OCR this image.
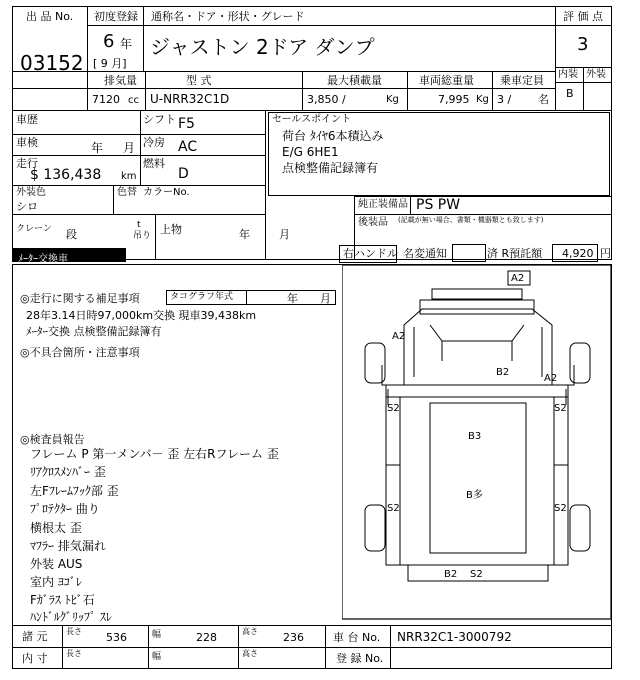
出 品 No.
03152
初度登録
6 年
[ 9 月]
通称名・ドア・形状・グレード
ジャストン 2ドア ダンプ
評 価 点
3
内装 外装
B
排気量
7120 cc
型 式
U-NRR32C1D
最大積載量
3,850 /	Kg
車両総重量
7,995 Kg
乗車定員
3 / 名
車歴	シフト F5
車検	年 月 冷房 AC
走行
$ 136,438 km
燃料
D
外装色
シロ
色替 カラーNo.
クレーン 段
t
吊り 上物	年	月
セールスポイント
荷台 ﾀｲﾔ6本積込み
E/G 6HE1
点検整備記録簿有
純正装備品 PS PW
後装品 (記載が無い場合、書類・機器類とも致します)
ﾒｰﾀｰ交換車	右ハンドル 名変通知	済 R預託額 4,920 円
◎走行に関する補足事項	タコグラフ年式	年 月
28年3.14日時97,000km交換 現車39,438km
ﾒｰﾀｰ交換 点検整備記録簿有
◎不具合箇所・注意事項
◎検査員報告
フレーム P 第一メンバ－ 歪 左右Rフレーム 歪
ﾘｱｸﾛｽﾒﾝﾊﾞｰ 歪
左Fﾌﾚｰﾑﾌｯｸ部 歪
ﾌﾟﾛﾃｸﾀｰ 曲り
横根太 歪
ﾏﾌﾗｰ 排気漏れ
外装 AUS
室内 ﾖｺﾞﾚ
Fｶﾞﾗｽ ﾄﾋﾞ石
ﾊﾝﾄﾞﾙｸﾞﾘｯﾌﾟ ｽﾚ
A2
A2
A2
B2
S2	S2
B3
B多
S2	S2
B2 S2
諸 元 長さ 536	幅	228	高さ 236	車 台 No. NRR32C1-3000792
内 寸 長さ	幅	高さ	登 録 No.
